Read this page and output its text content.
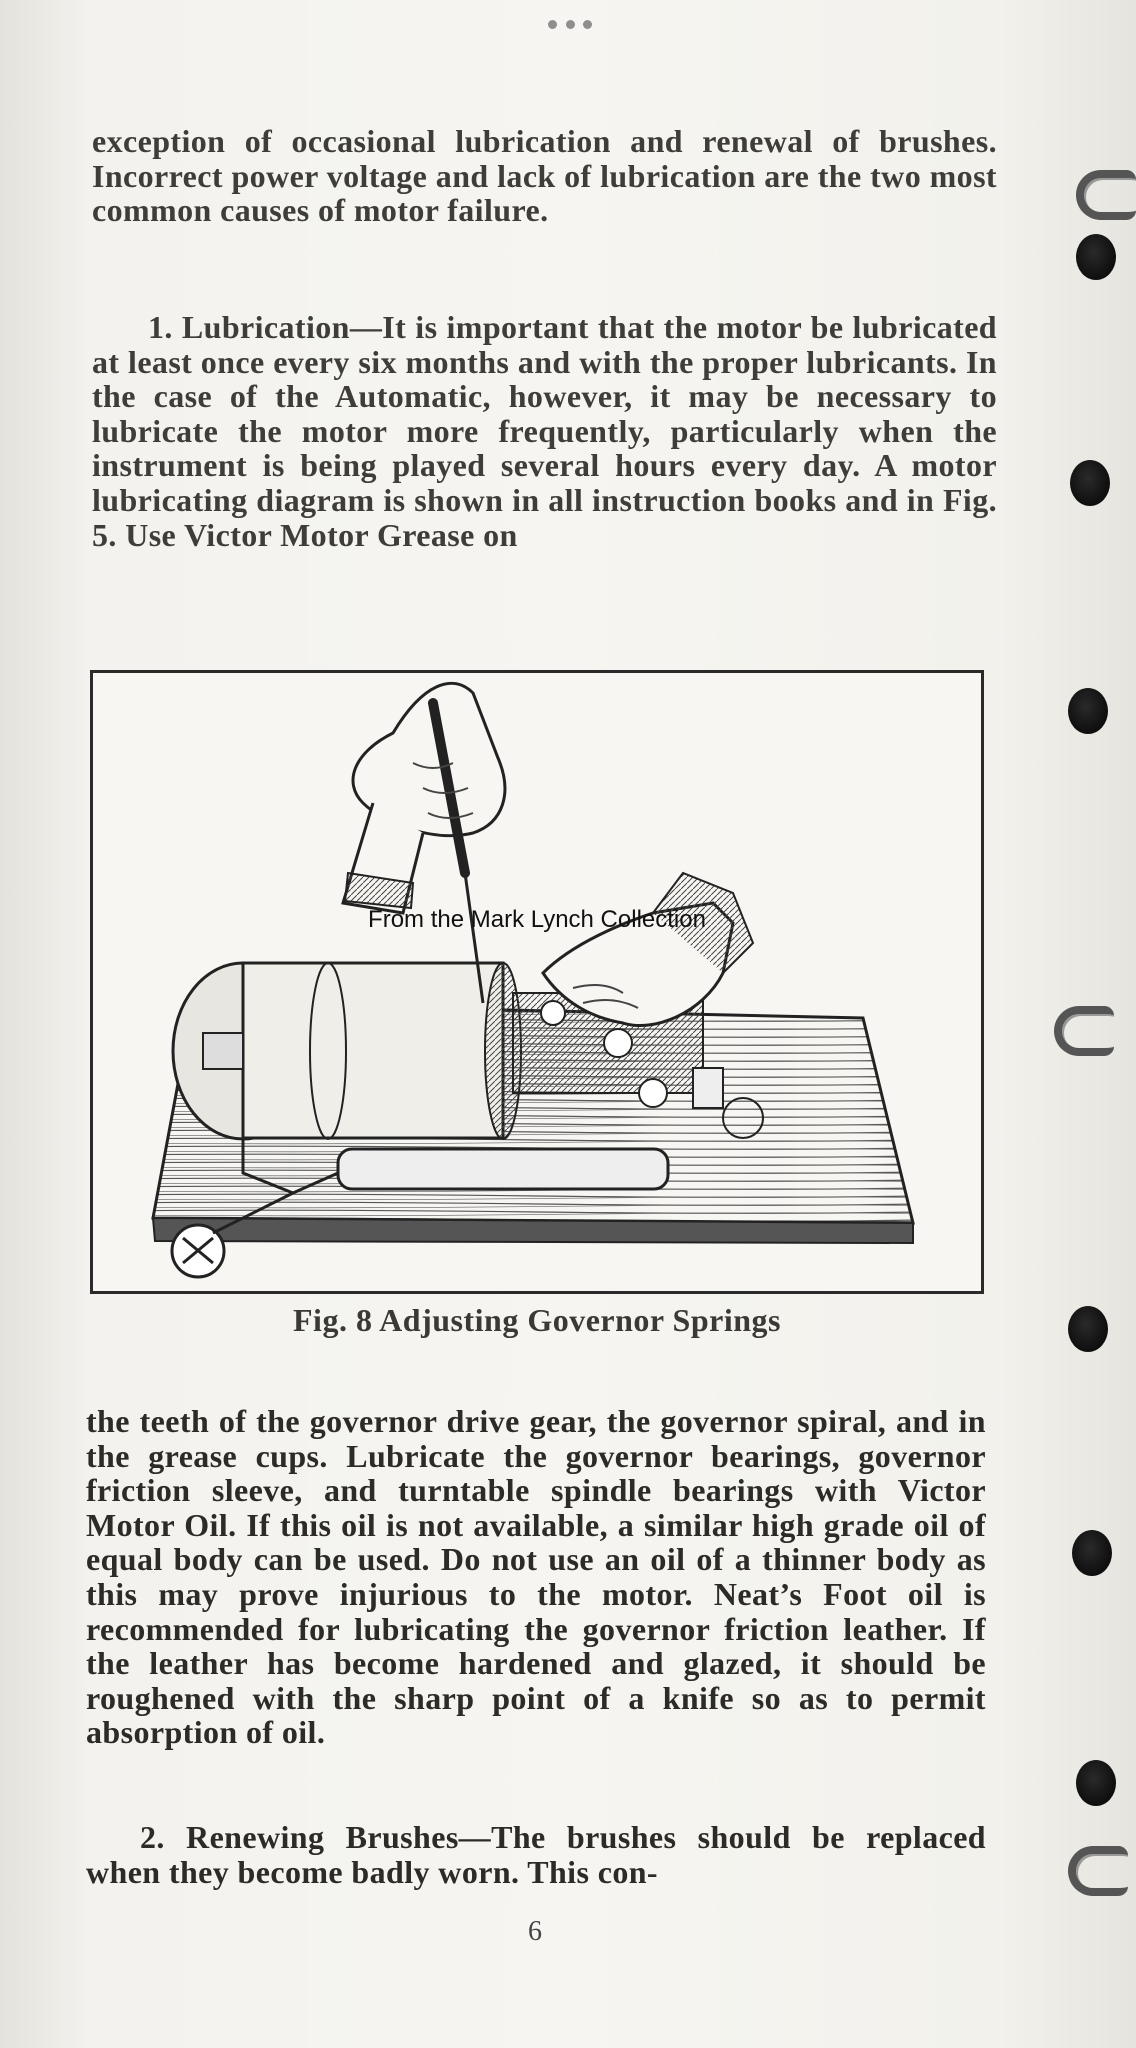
exception of occasional lubrication and renewal of brushes. Incorrect power voltage and lack of lubrication are the two most common causes of motor failure.

1. Lubrication—It is important that the motor be lubricated at least once every six months and with the proper lubricants. In the case of the Automatic, however, it may be necessary to lubricate the motor more frequently, particularly when the instrument is being played several hours every day. A motor lubricating diagram is shown in all instruction books and in Fig. 5. Use Victor Motor Grease on

From the Mark Lynch Collection
Fig. 8 Adjusting Governor Springs

the teeth of the governor drive gear, the governor spiral, and in the grease cups. Lubricate the governor bearings, governor friction sleeve, and turntable spindle bearings with Victor Motor Oil. If this oil is not available, a similar high grade oil of equal body can be used. Do not use an oil of a thinner body as this may prove injurious to the motor. Neat’s Foot oil is recommended for lubricating the governor friction leather. If the leather has become hardened and glazed, it should be roughened with the sharp point of a knife so as to permit absorption of oil.

2. Renewing Brushes—The brushes should be replaced when they become badly worn. This con-

6
